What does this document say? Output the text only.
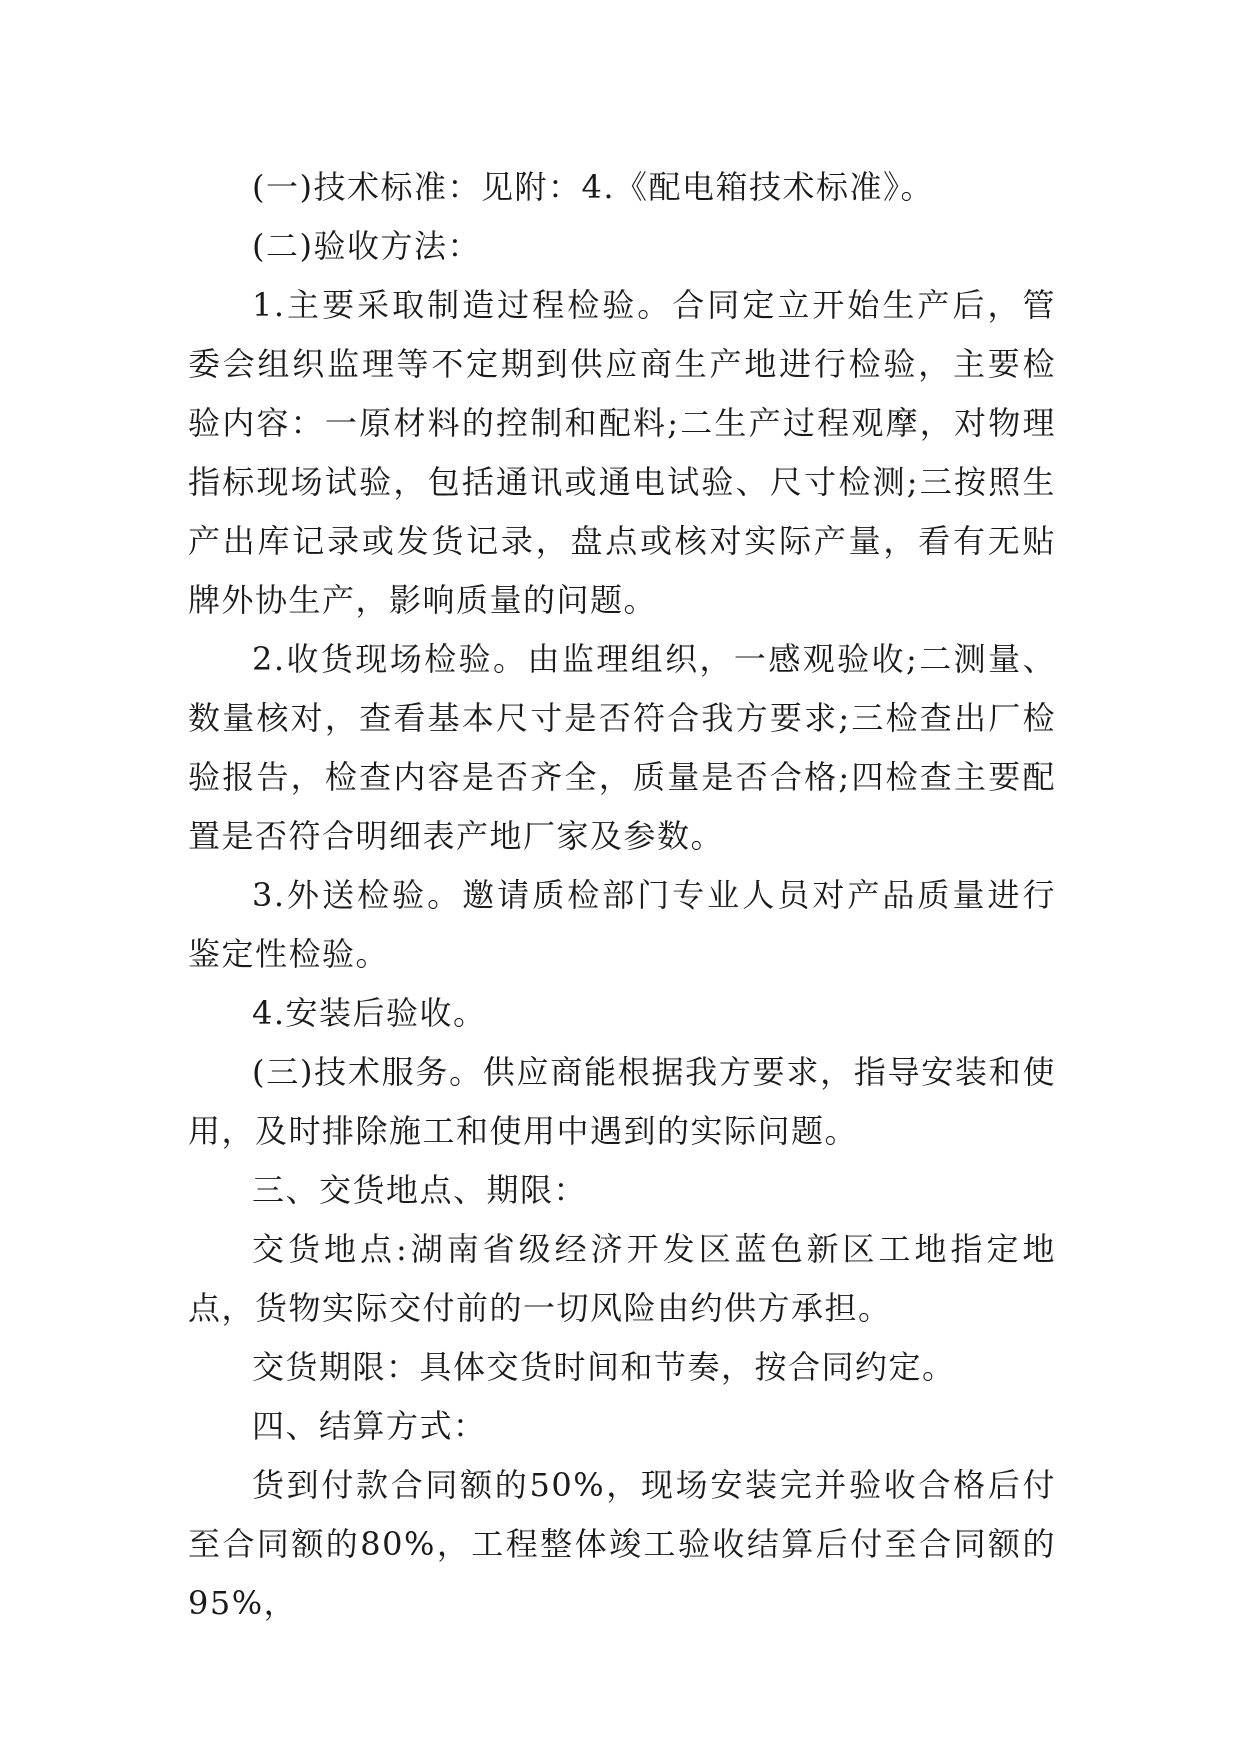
(一)技术标准：见附：4.《配电箱技术标准》。

(二)验收方法：

1.主要采取制造过程检验。合同定立开始生产后，管委会组织监理等不定期到供应商生产地进行检验，主要检验内容：一原材料的控制和配料;二生产过程观摩，对物理指标现场试验，包括通讯或通电试验、尺寸检测;三按照生产出库记录或发货记录，盘点或核对实际产量，看有无贴牌外协生产，影响质量的问题。

2.收货现场检验。由监理组织，一感观验收;二测量、数量核对，查看基本尺寸是否符合我方要求;三检查出厂检验报告，检查内容是否齐全，质量是否合格;四检查主要配置是否符合明细表产地厂家及参数。

3.外送检验。邀请质检部门专业人员对产品质量进行鉴定性检验。

4.安装后验收。

(三)技术服务。供应商能根据我方要求，指导安装和使用，及时排除施工和使用中遇到的实际问题。

三、交货地点、期限：

交货地点:湖南省级经济开发区蓝色新区工地指定地点，货物实际交付前的一切风险由约供方承担。

交货期限：具体交货时间和节奏，按合同约定。

四、结算方式：

货到付款合同额的50%，现场安装完并验收合格后付至合同额的80%，工程整体竣工验收结算后付至合同额的95%，
